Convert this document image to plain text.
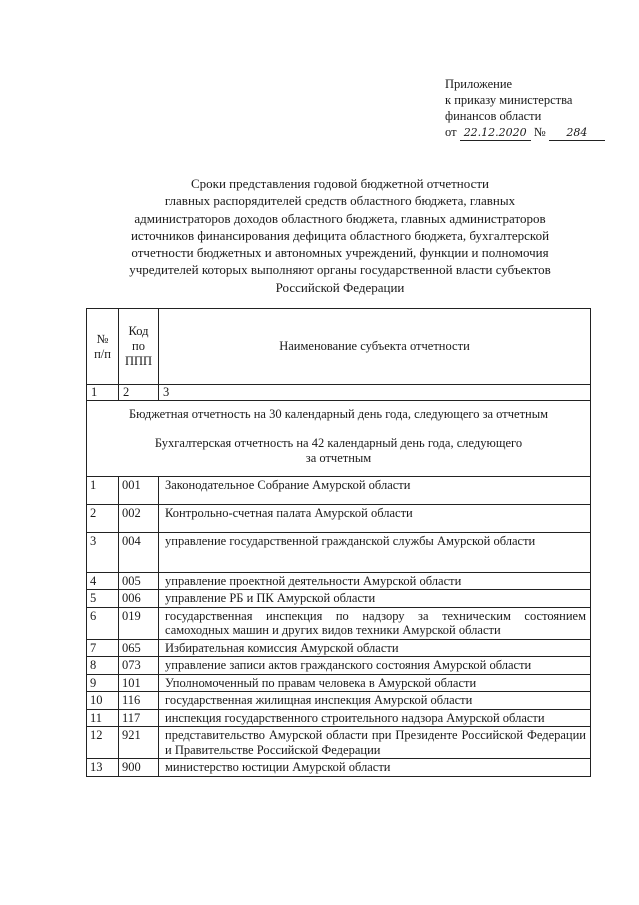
Приложение
к приказу министерства
финансов области
от 22.12.2020 № 284
Сроки представления годовой бюджетной отчетности
главных распорядителей средств областного бюджета, главных
администраторов доходов областного бюджета, главных администраторов
источников финансирования дефицита областного бюджета, бухгалтерской
отчетности бюджетных и автономных учреждений, функции и полномочия
учредителей которых выполняют органы государственной власти субъектов
Российской Федерации
№ п/п	Код по ППП	Наименование субъекта отчетности
1	2	3

Бюджетная отчетность на 30 календарный день года, следующего за отчетным
Бухгалтерская отчетность на 42 календарный день года, следующего
за отчетным		

1	001	Законодательное Собрание Амурской области
2	002	Контрольно-счетная палата Амурской области
3	004	управление государственной гражданской службы Амурской области
4	005	управление проектной деятельности Амурской области
5	006	управление РБ и ПК Амурской области
6	019	государственная инспекция по надзору за техническим состоянием самоходных машин и других видов техники Амурской области
7	065	Избирательная комиссия Амурской области
8	073	управление записи актов гражданского состояния Амурской области
9	101	Уполномоченный по правам человека в Амурской области
10	116	государственная жилищная инспекция Амурской области
11	117	инспекция государственного строительного надзора Амурской области
12	921	представительство Амурской области при Президенте Российской Федерации и Правительстве Российской Федерации
13	900	министерство юстиции Амурской области
